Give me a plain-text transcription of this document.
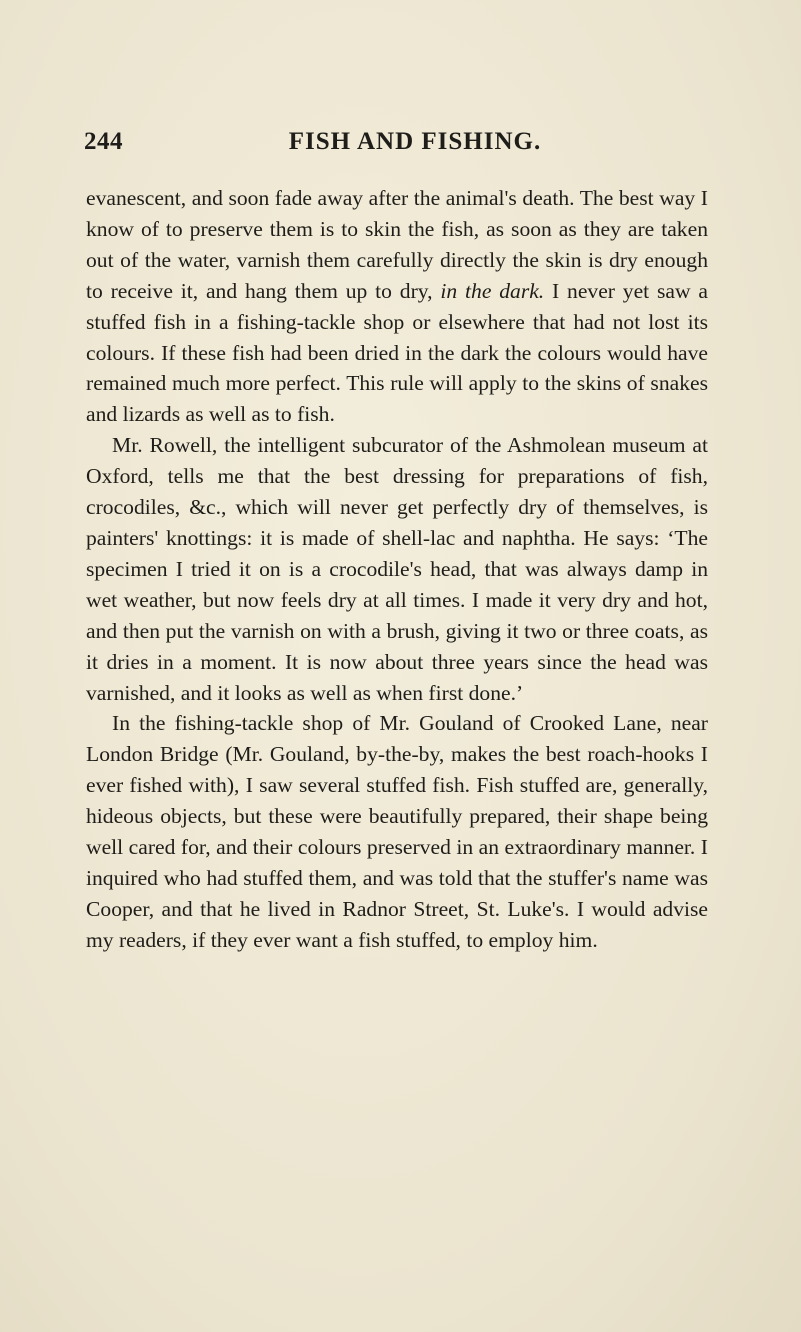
244	FISH AND FISHING.

evanescent, and soon fade away after the animal's death. The best way I know of to preserve them is to skin the fish, as soon as they are taken out of the water, varnish them carefully directly the skin is dry enough to receive it, and hang them up to dry, in the dark. I never yet saw a stuffed fish in a fishing-tackle shop or elsewhere that had not lost its colours. If these fish had been dried in the dark the colours would have remained much more perfect. This rule will apply to the skins of snakes and lizards as well as to fish.

Mr. Rowell, the intelligent subcurator of the Ashmolean museum at Oxford, tells me that the best dressing for preparations of fish, crocodiles, &c., which will never get perfectly dry of themselves, is painters' knottings: it is made of shell-lac and naphtha. He says: ‘The specimen I tried it on is a crocodile's head, that was always damp in wet weather, but now feels dry at all times. I made it very dry and hot, and then put the varnish on with a brush, giving it two or three coats, as it dries in a moment. It is now about three years since the head was varnished, and it looks as well as when first done.’

In the fishing-tackle shop of Mr. Gouland of Crooked Lane, near London Bridge (Mr. Gouland, by-the-by, makes the best roach-hooks I ever fished with), I saw several stuffed fish. Fish stuffed are, generally, hideous objects, but these were beautifully prepared, their shape being well cared for, and their colours preserved in an extraordinary manner. I inquired who had stuffed them, and was told that the stuffer's name was Cooper, and that he lived in Radnor Street, St. Luke's. I would advise my readers, if they ever want a fish stuffed, to employ him.
